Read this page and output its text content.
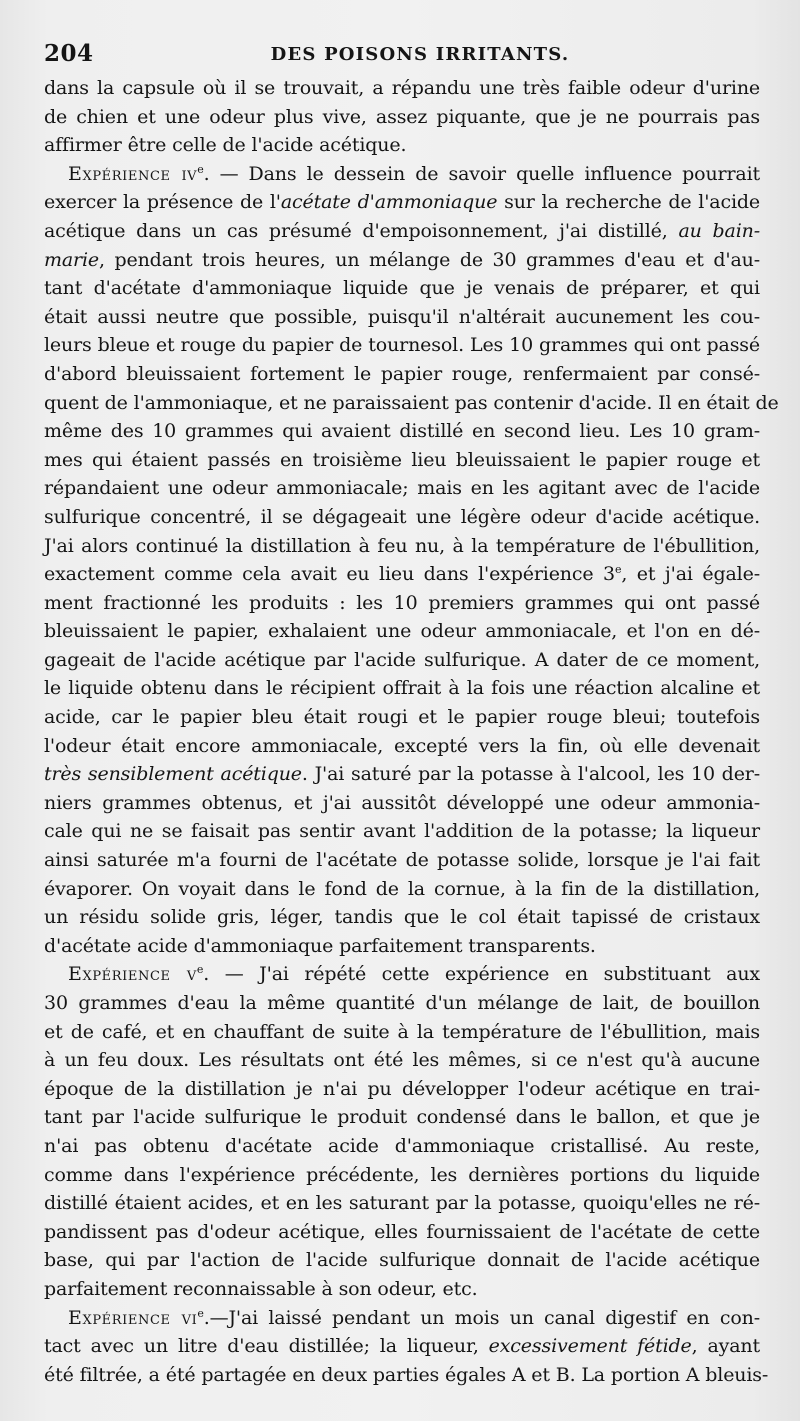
204	DES POISONS IRRITANTS.
dans la capsule où il se trouvait, a répandu une très faible odeur d'urine
de chien et une odeur plus vive, assez piquante, que je ne pourrais pas
affirmer être celle de l'acide acétique.
Expérience $iv^e$. — Dans le dessein de savoir quelle influence pourrait
exercer la présence de l'acétate d'ammoniaque sur la recherche de l'acide
acétique dans un cas présumé d'empoisonnement, j'ai distillé, au bain-
marie, pendant trois heures, un mélange de 30 grammes d'eau et d'au-
tant d'acétate d'ammoniaque liquide que je venais de préparer, et qui
était aussi neutre que possible, puisqu'il n'altérait aucunement les cou-
leurs bleue et rouge du papier de tournesol. Les 10 grammes qui ont passé
d'abord bleuissaient fortement le papier rouge, renfermaient par consé-
quent de l'ammoniaque, et ne paraissaient pas contenir d'acide. Il en était de
même des 10 grammes qui avaient distillé en second lieu. Les 10 gram-
mes qui étaient passés en troisième lieu bleuissaient le papier rouge et
répandaient une odeur ammoniacale; mais en les agitant avec de l'acide
sulfurique concentré, il se dégageait une légère odeur d'acide acétique.
J'ai alors continué la distillation à feu nu, à la température de l'ébullition,
exactement comme cela avait eu lieu dans l'expérience 3e, et j'ai égale-
ment fractionné les produits : les 10 premiers grammes qui ont passé
bleuissaient le papier, exhalaient une odeur ammoniacale, et l'on en dé-
gageait de l'acide acétique par l'acide sulfurique. A dater de ce moment,
le liquide obtenu dans le récipient offrait à la fois une réaction alcaline et
acide, car le papier bleu était rougi et le papier rouge bleui; toutefois
l'odeur était encore ammoniacale, excepté vers la fin, où elle devenait
très sensiblement acétique. J'ai saturé par la potasse à l'alcool, les 10 der-
niers grammes obtenus, et j'ai aussitôt développé une odeur ammonia-
cale qui ne se faisait pas sentir avant l'addition de la potasse; la liqueur
ainsi saturée m'a fourni de l'acétate de potasse solide, lorsque je l'ai fait
évaporer. On voyait dans le fond de la cornue, à la fin de la distillation,
un résidu solide gris, léger, tandis que le col était tapissé de cristaux
d'acétate acide d'ammoniaque parfaitement transparents.
Expérience $v^e$. — J'ai répété cette expérience en substituant aux
30 grammes d'eau la même quantité d'un mélange de lait, de bouillon
et de café, et en chauffant de suite à la température de l'ébullition, mais
à un feu doux. Les résultats ont été les mêmes, si ce n'est qu'à aucune
époque de la distillation je n'ai pu développer l'odeur acétique en trai-
tant par l'acide sulfurique le produit condensé dans le ballon, et que je
n'ai pas obtenu d'acétate acide d'ammoniaque cristallisé. Au reste,
comme dans l'expérience précédente, les dernières portions du liquide
distillé étaient acides, et en les saturant par la potasse, quoiqu'elles ne ré-
pandissent pas d'odeur acétique, elles fournissaient de l'acétate de cette
base, qui par l'action de l'acide sulfurique donnait de l'acide acétique
parfaitement reconnaissable à son odeur, etc.
Expérience $vi^e.—J'ai$ laissé pendant un mois un canal digestif en con-
tact avec un litre d'eau distillée; la liqueur, excessivement fétide, ayant
été filtrée, a été partagée en deux parties égales A et B. La portion A bleuis-
